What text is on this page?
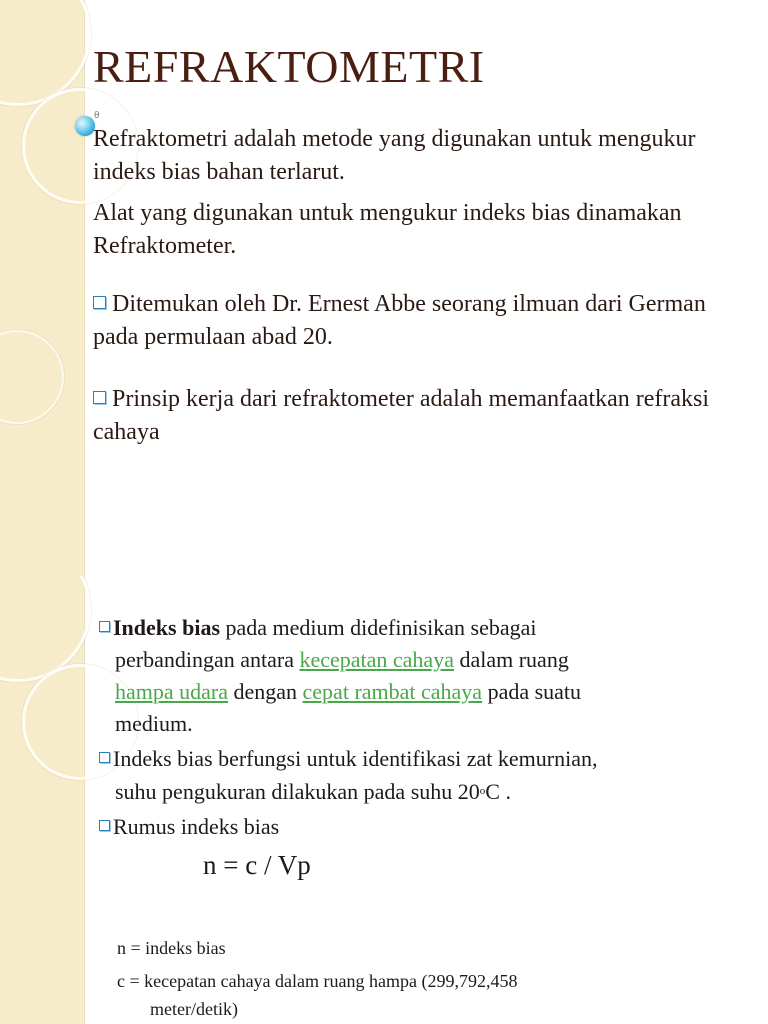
REFRAKTOMETRI
θ

Refraktometri adalah metode yang digunakan untuk mengukur indeks bias bahan terlarut.

Alat yang digunakan untuk mengukur indeks bias dinamakan Refraktometer.

Ditemukan oleh Dr. Ernest Abbe seorang ilmuan dari German pada permulaan abad 20.

Prinsip kerja dari refraktometer adalah memanfaatkan refraksi cahaya

Indeks bias pada medium didefinisikan sebagai
perbandingan antara kecepatan cahaya dalam ruang
hampa udara dengan cepat rambat cahaya pada suatu
medium.
Indeks bias berfungsi untuk identifikasi zat kemurnian,
suhu pengukuran dilakukan pada suhu 20$^o$C .
Rumus indeks bias

n = c / Vp

n = indeks bias

c = kecepatan cahaya dalam ruang hampa (299,792,458
meter/detik)
